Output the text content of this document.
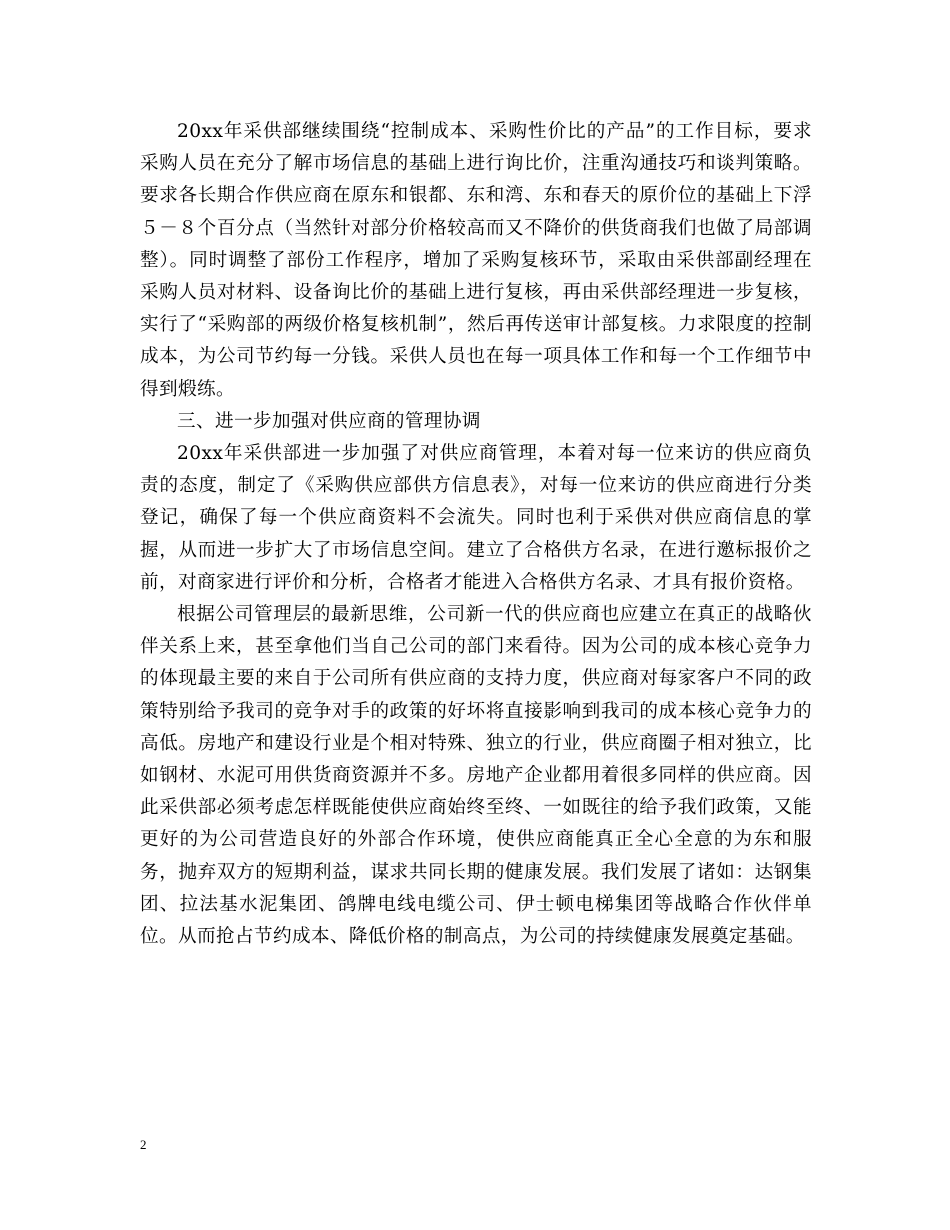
20xx年采供部继续围绕“控制成本、采购性价比的产品”的工作目标，要求采购人员在充分了解市场信息的基础上进行询比价，注重沟通技巧和谈判策略。要求各长期合作供应商在原东和银都、东和湾、东和春天的原价位的基础上下浮５－８个百分点（当然针对部分价格较高而又不降价的供货商我们也做了局部调整）。同时调整了部份工作程序，增加了采购复核环节，采取由采供部副经理在采购人员对材料、设备询比价的基础上进行复核，再由采供部经理进一步复核，实行了“采购部的两级价格复核机制”，然后再传送审计部复核。力求限度的控制成本，为公司节约每一分钱。采供人员也在每一项具体工作和每一个工作细节中得到煅练。

三、进一步加强对供应商的管理协调

20xx年采供部进一步加强了对供应商管理，本着对每一位来访的供应商负责的态度，制定了《采购供应部供方信息表》，对每一位来访的供应商进行分类登记，确保了每一个供应商资料不会流失。同时也利于采供对供应商信息的掌握，从而进一步扩大了市场信息空间。建立了合格供方名录，在进行邀标报价之前，对商家进行评价和分析，合格者才能进入合格供方名录、才具有报价资格。

根据公司管理层的最新思维，公司新一代的供应商也应建立在真正的战略伙伴关系上来，甚至拿他们当自己公司的部门来看待。因为公司的成本核心竞争力的体现最主要的来自于公司所有供应商的支持力度，供应商对每家客户不同的政策特别给予我司的竞争对手的政策的好坏将直接影响到我司的成本核心竞争力的高低。房地产和建设行业是个相对特殊、独立的行业，供应商圈子相对独立，比如钢材、水泥可用供货商资源并不多。房地产企业都用着很多同样的供应商。因此采供部必须考虑怎样既能使供应商始终至终、一如既往的给予我们政策，又能更好的为公司营造良好的外部合作环境，使供应商能真正全心全意的为东和服务，抛弃双方的短期利益，谋求共同长期的健康发展。我们发展了诸如：达钢集团、拉法基水泥集团、鸽牌电线电缆公司、伊士顿电梯集团等战略合作伙伴单位。从而抢占节约成本、降低价格的制高点，为公司的持续健康发展奠定基础。

2
